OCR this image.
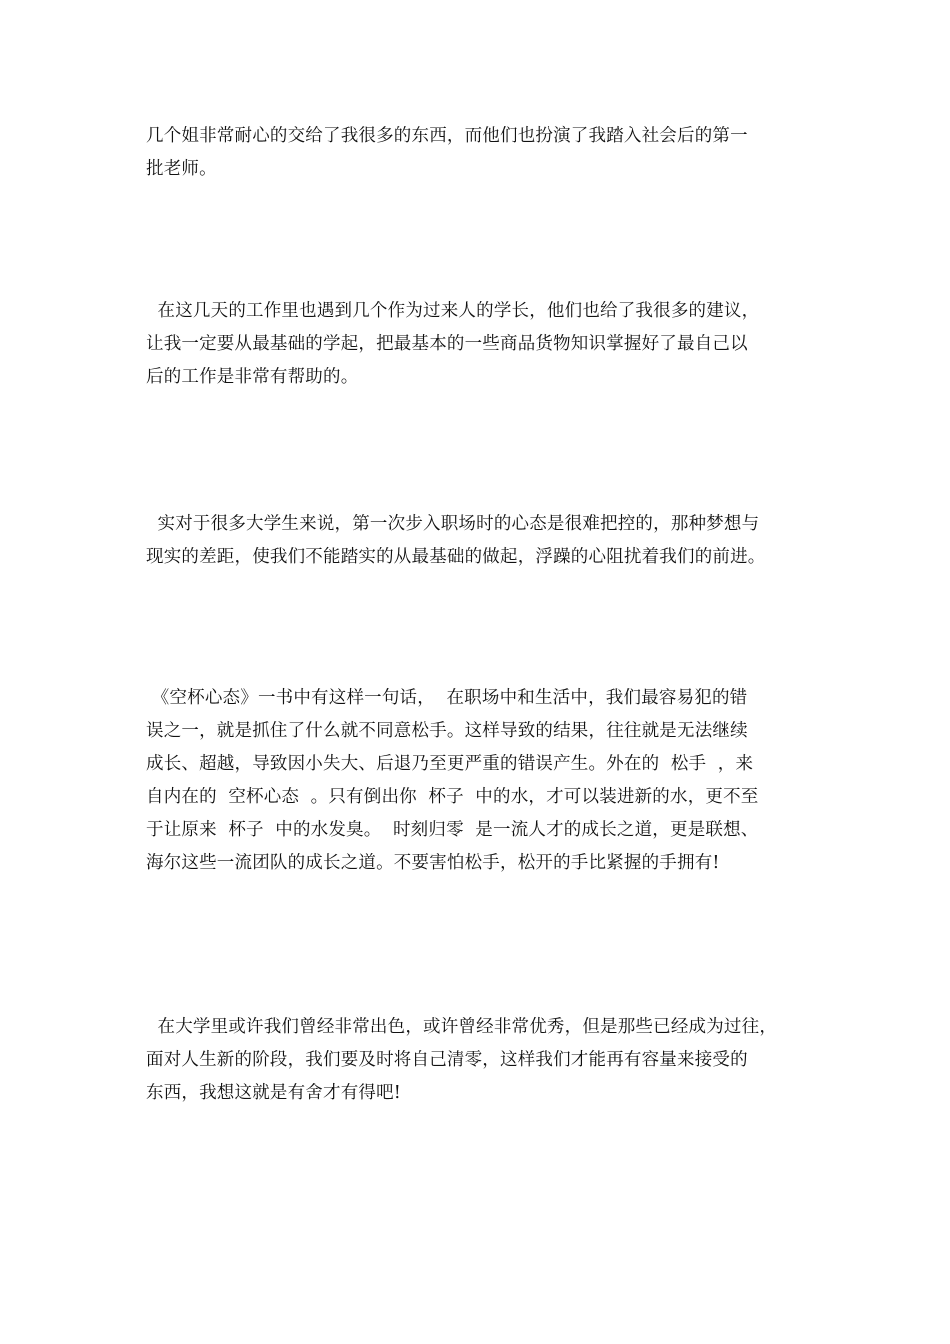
几个姐非常耐心的交给了我很多的东西，而他们也扮演了我踏入社会后的第一
批老师。
在这几天的工作里也遇到几个作为过来人的学长，他们也给了我很多的建议，
让我一定要从最基础的学起，把最基本的一些商品货物知识掌握好了最自己以
后的工作是非常有帮助的。
实对于很多大学生来说，第一次步入职场时的心态是很难把控的，那种梦想与
现实的差距，使我们不能踏实的从最基础的做起，浮躁的心阻扰着我们的前进。
《空杯心态》一书中有这样一句话，  在职场中和生活中，我们最容易犯的错
误之一，就是抓住了什么就不同意松手。这样导致的结果，往往就是无法继续
成长、超越，导致因小失大、后退乃至更严重的错误产生。外在的  松手  ，来
自内在的  空杯心态  。只有倒出你  杯子  中的水，才可以装进新的水，更不至
于让原来  杯子  中的水发臭。  时刻归零  是一流人才的成长之道，更是联想、
海尔这些一流团队的成长之道。不要害怕松手，松开的手比紧握的手拥有!
在大学里或许我们曾经非常出色，或许曾经非常优秀，但是那些已经成为过往，
面对人生新的阶段，我们要及时将自己清零，这样我们才能再有容量来接受的
东西，我想这就是有舍才有得吧!
